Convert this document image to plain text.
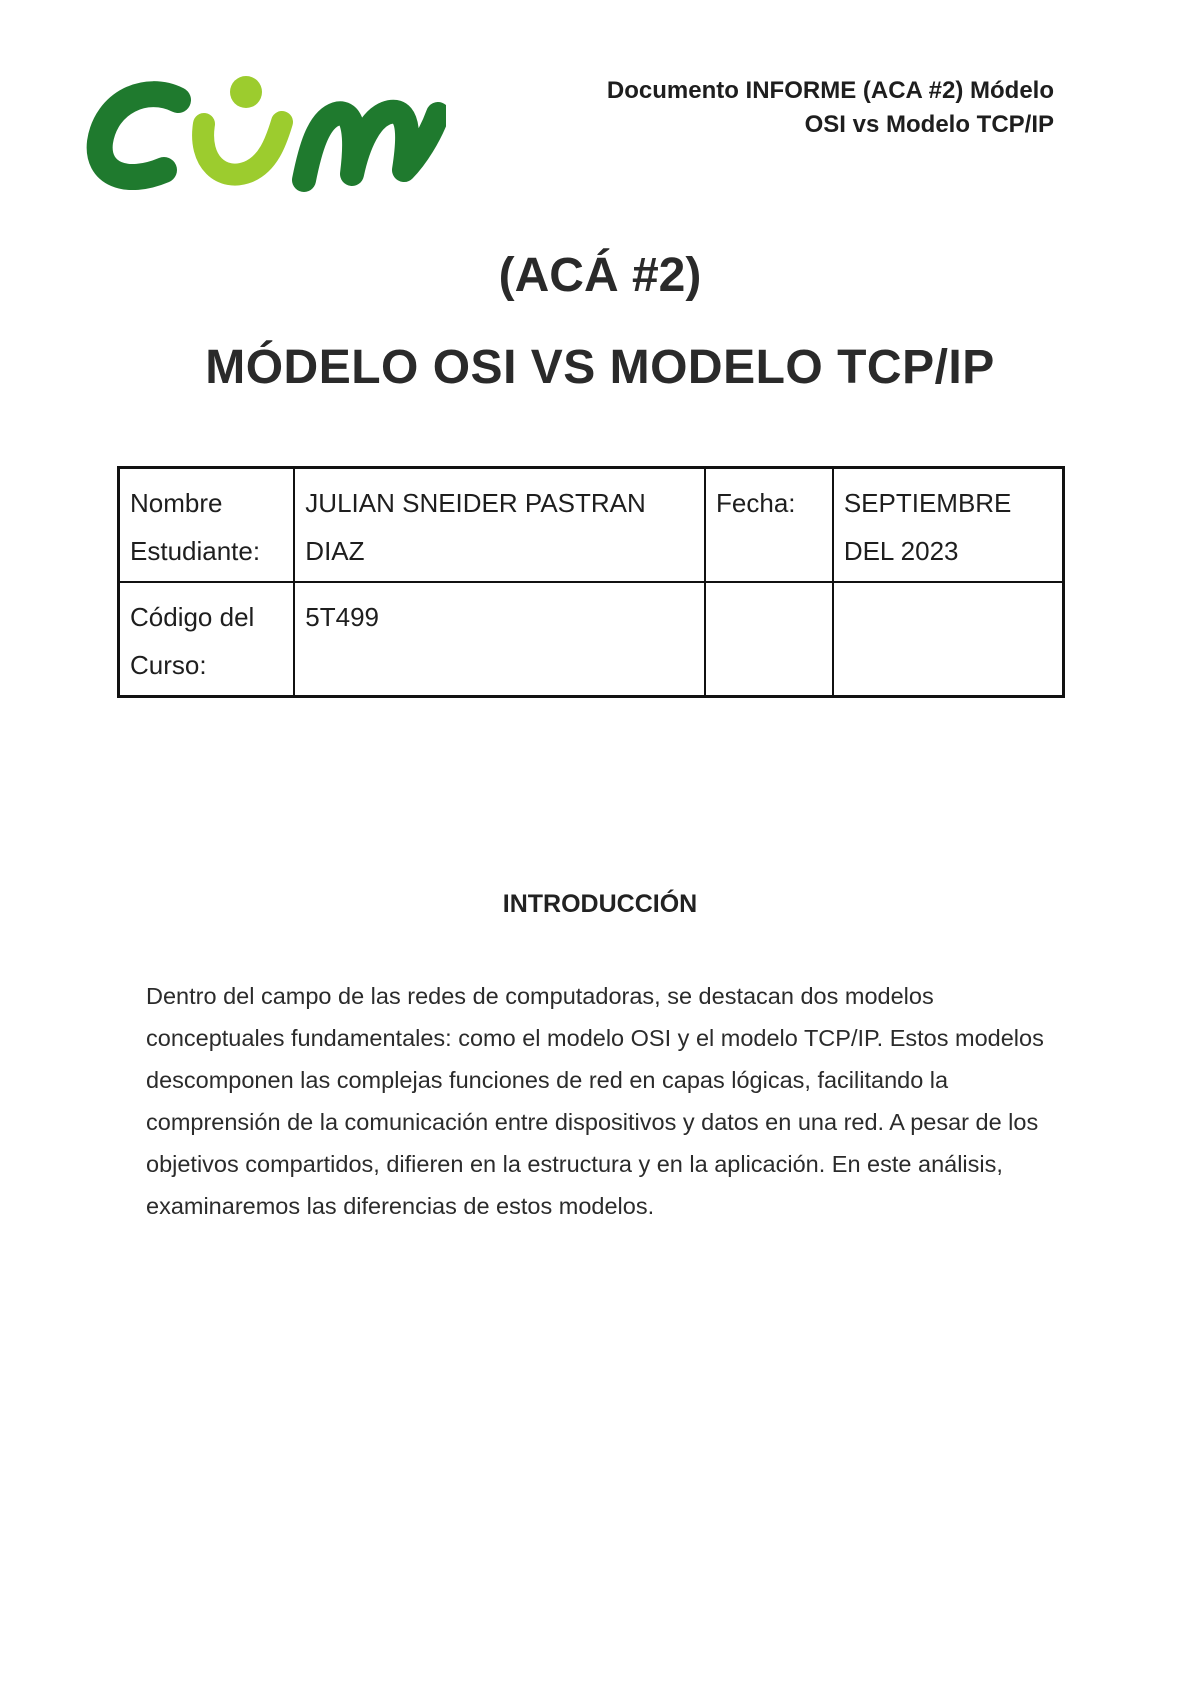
Documento INFORME (ACA #2) Módelo
OSI vs Modelo TCP/IP
(ACÁ #2)
MÓDELO OSI VS MODELO TCP/IP
Nombre Estudiante:	JULIAN SNEIDER PASTRAN DIAZ	Fecha:	SEPTIEMBRE DEL 2023
Código del Curso:	5T499		
INTRODUCCIÓN
Dentro del campo de las redes de computadoras, se destacan dos modelos conceptuales fundamentales: como el modelo OSI y el modelo TCP/IP. Estos modelos descomponen las complejas funciones de red en capas lógicas, facilitando la comprensión de la comunicación entre dispositivos y datos en una red. A pesar de los objetivos compartidos, difieren en la estructura y en la aplicación. En este análisis, examinaremos las diferencias de estos modelos.
